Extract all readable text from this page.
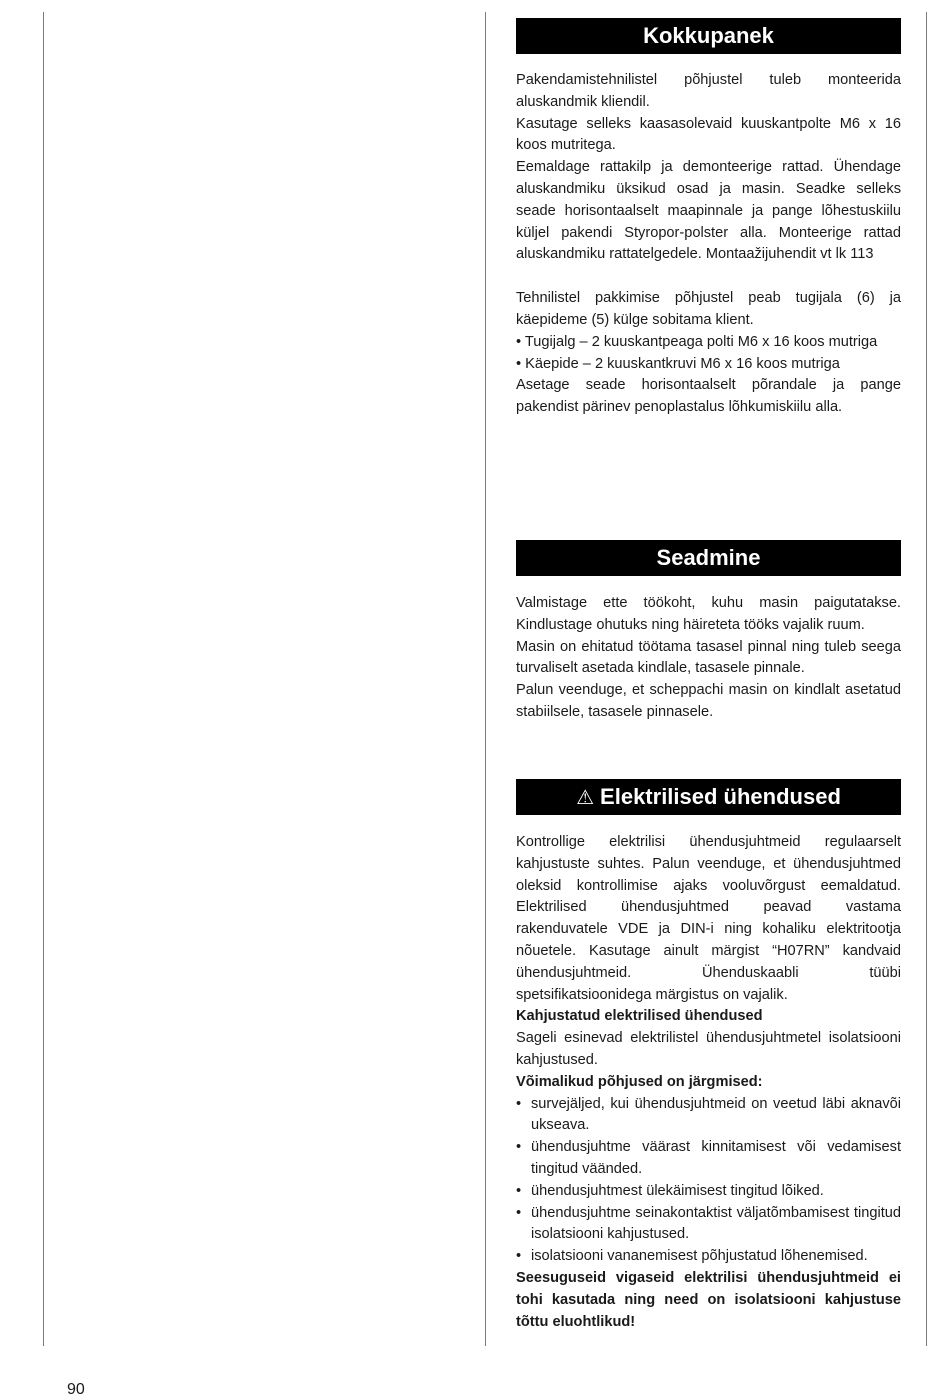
Kokkupanek

Pakendamistehnilistel põhjustel tuleb monteerida aluskandmik kliendil.

Kasutage selleks kaasasolevaid kuuskantpolte M6 x 16 koos mutritega.

Eemaldage rattakilp ja demonteerige rattad. Ühendage aluskandmiku üksikud osad ja masin. Seadke selleks seade horisontaalselt maapinnale ja pange lõhestuskiilu küljel pakendi Styropor-polster alla. Monteerige rattad aluskandmiku rattatelgedele. Montaažijuhendit vt lk 113

Tehnilistel pakkimise põhjustel peab tugijala (6) ja käepideme (5) külge sobitama klient.

• Tugijalg – 2 kuuskantpeaga polti M6 x 16 koos mutriga

• Käepide – 2 kuuskantkruvi M6 x 16 koos mutriga

Asetage seade horisontaalselt põrandale ja pange pakendist pärinev penoplastalus lõhkumiskiilu alla.

Seadmine

Valmistage ette töökoht, kuhu masin paigutatakse. Kindlustage ohutuks ning häireteta tööks vajalik ruum.

Masin on ehitatud töötama tasasel pinnal ning tuleb seega turvaliselt asetada kindlale, tasasele pinnale.

Palun veenduge, et scheppachi masin on kindlalt asetatud stabiilsele, tasasele pinnasele.

⚠ Elektrilised ühendused

Kontrollige elektrilisi ühendusjuhtmeid regulaarselt kahjustuste suhtes. Palun veenduge, et ühendusjuhtmed oleksid kontrollimise ajaks vooluvõrgust eemaldatud. Elektrilised ühendusjuhtmed peavad vastama rakenduvatele VDE ja DIN-i ning kohaliku elektritootja nõuetele. Kasutage ainult märgist “H07RN” kandvaid ühendusjuhtmeid. Ühenduskaabli tüübi spetsifikatsioonidega märgistus on vajalik.

Kahjustatud elektrilised ühendused

Sageli esinevad elektrilistel ühendusjuhtmetel isolatsiooni kahjustused.

Võimalikud põhjused on järgmised:

• survejäljed, kui ühendusjuhtmeid on veetud läbi aknavõi ukseava.
• ühendusjuhtme väärast kinnitamisest või vedamisest tingitud väänded.
• ühendusjuhtmest ülekäimisest tingitud lõiked.
• ühendusjuhtme seinakontaktist väljatõmbamisest tingitud isolatsiooni kahjustused.
• isolatsiooni vananemisest põhjustatud lõhenemised.

Seesuguseid vigaseid elektrilisi ühendusjuhtmeid ei tohi kasutada ning need on isolatsiooni kahjustuse tõttu eluohtlikud!

90
